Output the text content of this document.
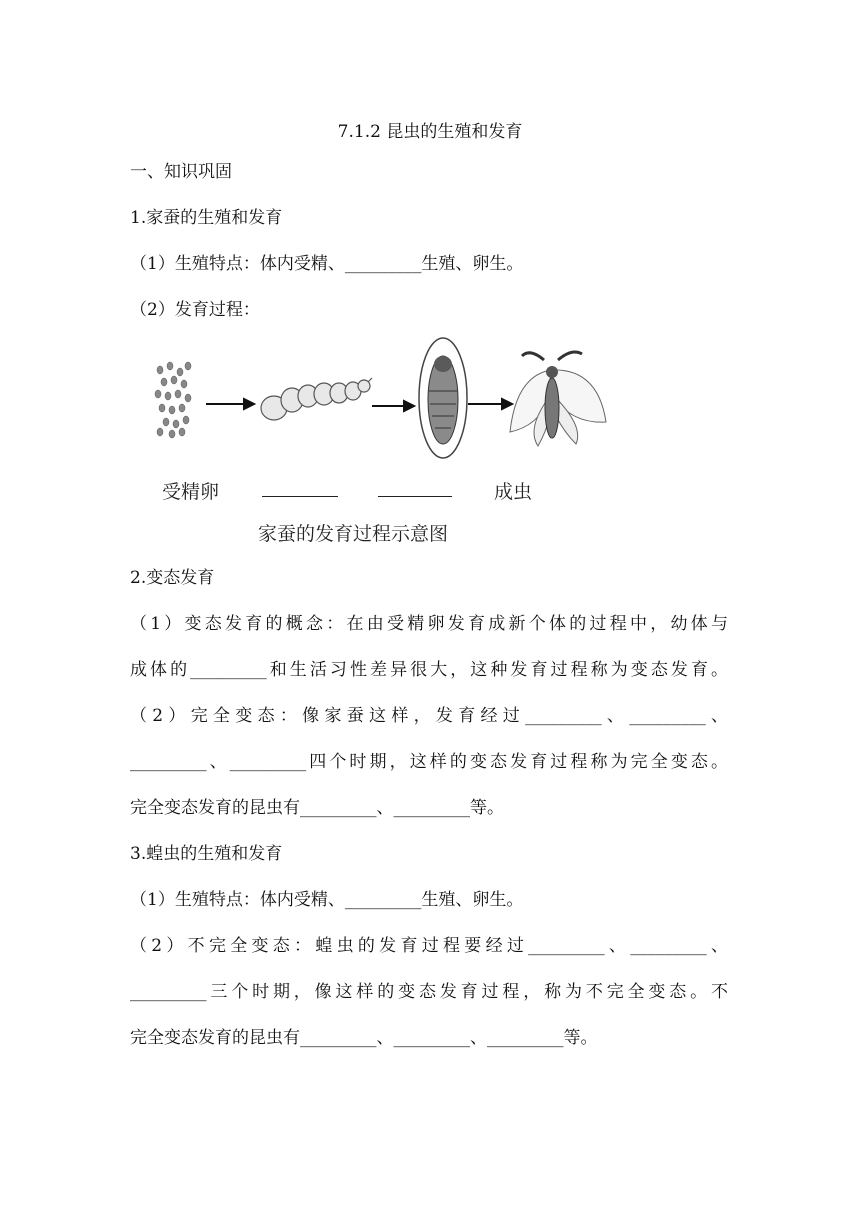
7.1.2 昆虫的生殖和发育
一、知识巩固
1.家蚕的生殖和发育
（1）生殖特点：体内受精、_________生殖、卵生。
（2）发育过程：
受精卵	成虫
家蚕的发育过程示意图
2.变态发育
（1）变态发育的概念：在由受精卵发育成新个体的过程中，幼体与
成体的_________和生活习性差异很大，这种发育过程称为变态发育。
（2）完全变态：像家蚕这样，发育经过_________、_________、
_________、_________四个时期，这样的变态发育过程称为完全变态。
完全变态发育的昆虫有_________、_________等。
3.蝗虫的生殖和发育
（1）生殖特点：体内受精、_________生殖、卵生。
（2）不完全变态：蝗虫的发育过程要经过_________、_________、
_________三个时期，像这样的变态发育过程，称为不完全变态。不
完全变态发育的昆虫有_________、_________、_________等。
